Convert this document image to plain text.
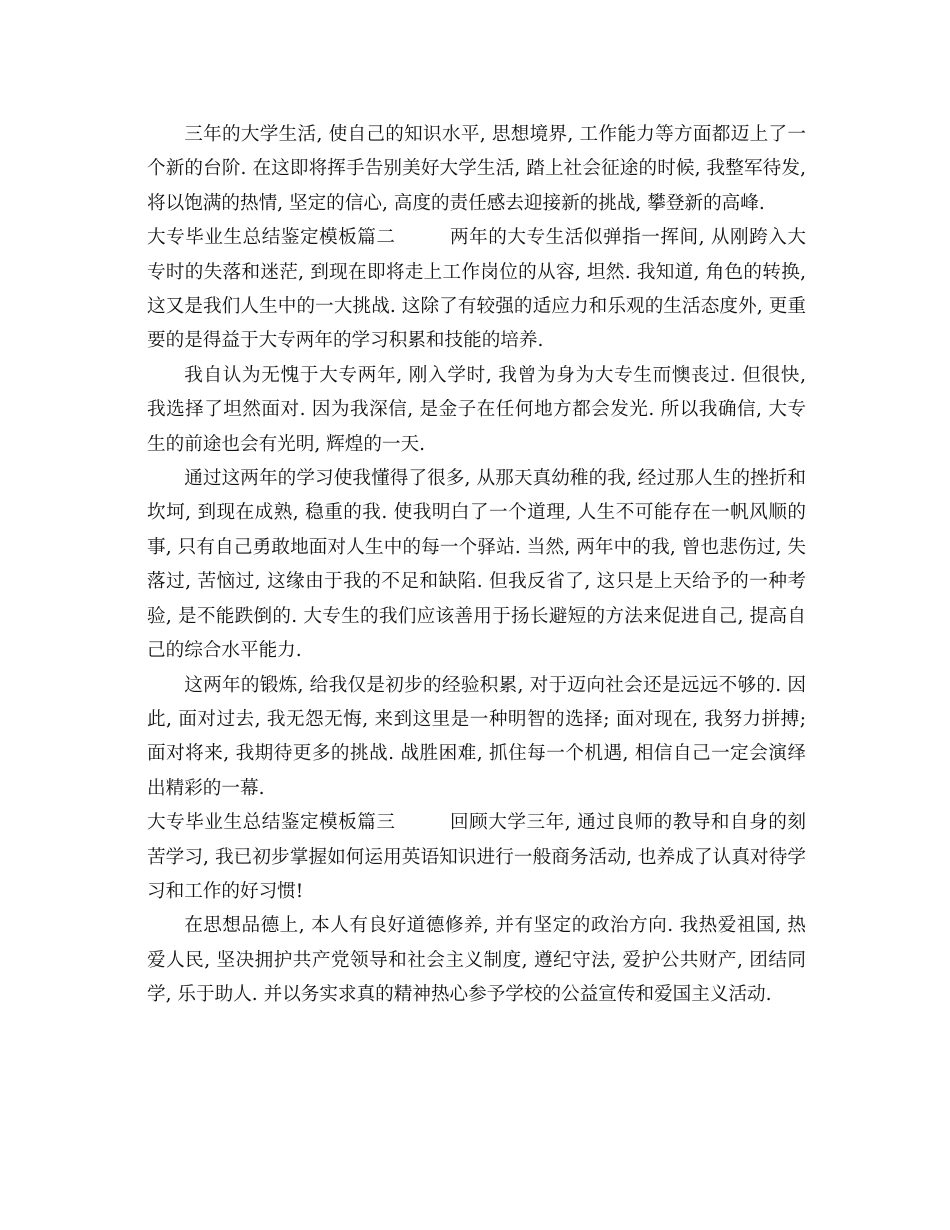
三年的大学生活, 使自己的知识水平, 思想境界, 工作能力等方面都迈上了一个新的台阶. 在这即将挥手告别美好大学生活, 踏上社会征途的时候, 我整军待发, 将以饱满的热情, 坚定的信心, 高度的责任感去迎接新的挑战, 攀登新的高峰.

大专毕业生总结鉴定模板篇二	两年的大专生活似弹指一挥间, 从刚跨入大专时的失落和迷茫, 到现在即将走上工作岗位的从容, 坦然. 我知道, 角色的转换, 这又是我们人生中的一大挑战. 这除了有较强的适应力和乐观的生活态度外, 更重要的是得益于大专两年的学习积累和技能的培养.

我自认为无愧于大专两年, 刚入学时, 我曾为身为大专生而懊丧过. 但很快, 我选择了坦然面对. 因为我深信, 是金子在任何地方都会发光. 所以我确信, 大专生的前途也会有光明, 辉煌的一天.

通过这两年的学习使我懂得了很多, 从那天真幼稚的我, 经过那人生的挫折和坎坷, 到现在成熟, 稳重的我. 使我明白了一个道理, 人生不可能存在一帆风顺的事, 只有自己勇敢地面对人生中的每一个驿站. 当然, 两年中的我, 曾也悲伤过, 失落过, 苦恼过, 这缘由于我的不足和缺陷. 但我反省了, 这只是上天给予的一种考验, 是不能跌倒的. 大专生的我们应该善用于扬长避短的方法来促进自己, 提高自己的综合水平能力.

这两年的锻炼, 给我仅是初步的经验积累, 对于迈向社会还是远远不够的. 因此, 面对过去, 我无怨无悔, 来到这里是一种明智的选择; 面对现在, 我努力拼搏; 面对将来, 我期待更多的挑战. 战胜困难, 抓住每一个机遇, 相信自己一定会演绎出精彩的一幕.

大专毕业生总结鉴定模板篇三	回顾大学三年, 通过良师的教导和自身的刻苦学习, 我已初步掌握如何运用英语知识进行一般商务活动, 也养成了认真对待学习和工作的好习惯!

在思想品德上, 本人有良好道德修养, 并有坚定的政治方向. 我热爱祖国, 热爱人民, 坚决拥护共产党领导和社会主义制度, 遵纪守法, 爱护公共财产, 团结同学, 乐于助人. 并以务实求真的精神热心参予学校的公益宣传和爱国主义活动.
